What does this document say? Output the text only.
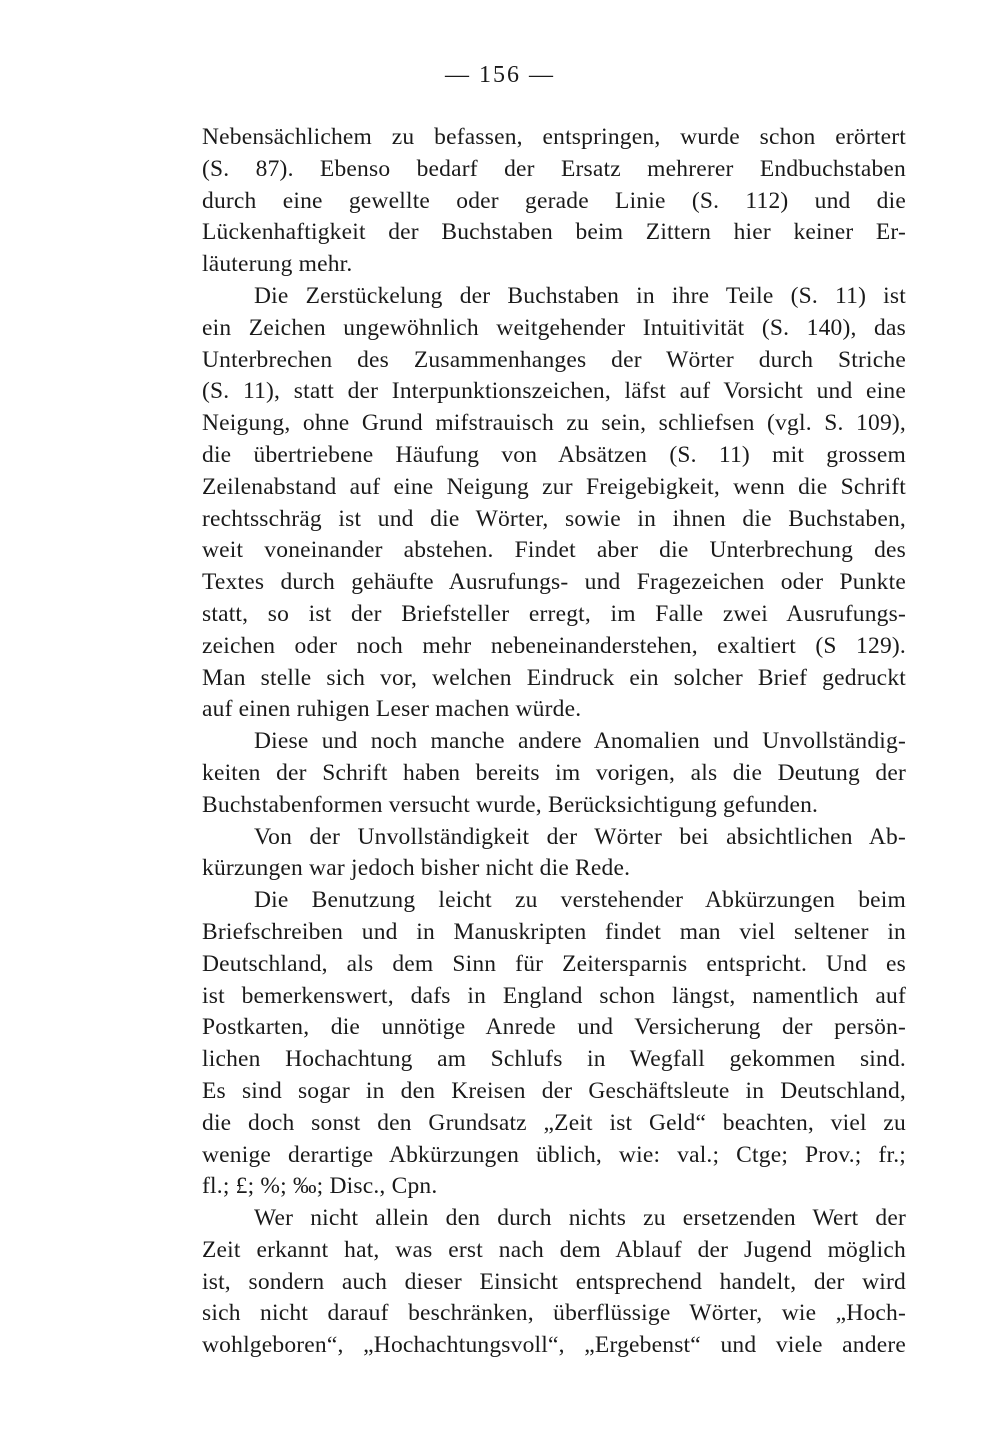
— 156 —
Nebensächlichem zu befassen, entspringen, wurde schon erörtert
(S. 87). Ebenso bedarf der Ersatz mehrerer Endbuchstaben
durch eine gewellte oder gerade Linie (S. 112) und die
Lückenhaftigkeit der Buchstaben beim Zittern hier keiner Er-
läuterung mehr.
Die Zerstückelung der Buchstaben in ihre Teile (S. 11) ist
ein Zeichen ungewöhnlich weitgehender Intuitivität (S. 140), das
Unterbrechen des Zusammenhanges der Wörter durch Striche
(S. 11), statt der Interpunktionszeichen, läfst auf Vorsicht und eine
Neigung, ohne Grund mifstrauisch zu sein, schliefsen (vgl. S. 109),
die übertriebene Häufung von Absätzen (S. 11) mit grossem
Zeilenabstand auf eine Neigung zur Freigebigkeit, wenn die Schrift
rechtsschräg ist und die Wörter, sowie in ihnen die Buchstaben,
weit voneinander abstehen. Findet aber die Unterbrechung des
Textes durch gehäufte Ausrufungs- und Fragezeichen oder Punkte
statt, so ist der Briefsteller erregt, im Falle zwei Ausrufungs-
zeichen oder noch mehr nebeneinanderstehen, exaltiert (S 129).
Man stelle sich vor, welchen Eindruck ein solcher Brief gedruckt
auf einen ruhigen Leser machen würde.
Diese und noch manche andere Anomalien und Unvollständig-
keiten der Schrift haben bereits im vorigen, als die Deutung der
Buchstabenformen versucht wurde, Berücksichtigung gefunden.
Von der Unvollständigkeit der Wörter bei absichtlichen Ab-
kürzungen war jedoch bisher nicht die Rede.
Die Benutzung leicht zu verstehender Abkürzungen beim
Briefschreiben und in Manuskripten findet man viel seltener in
Deutschland, als dem Sinn für Zeitersparnis entspricht. Und es
ist bemerkenswert, dafs in England schon längst, namentlich auf
Postkarten, die unnötige Anrede und Versicherung der persön-
lichen Hochachtung am Schlufs in Wegfall gekommen sind.
Es sind sogar in den Kreisen der Geschäftsleute in Deutschland,
die doch sonst den Grundsatz „Zeit ist Geld“ beachten, viel zu
wenige derartige Abkürzungen üblich, wie: val.; Ctge; Prov.; fr.;
fl.; £; %; ‰; Disc., Cpn.
Wer nicht allein den durch nichts zu ersetzenden Wert der
Zeit erkannt hat, was erst nach dem Ablauf der Jugend möglich
ist, sondern auch dieser Einsicht entsprechend handelt, der wird
sich nicht darauf beschränken, überflüssige Wörter, wie „Hoch-
wohlgeboren“, „Hochachtungsvoll“, „Ergebenst“ und viele andere
